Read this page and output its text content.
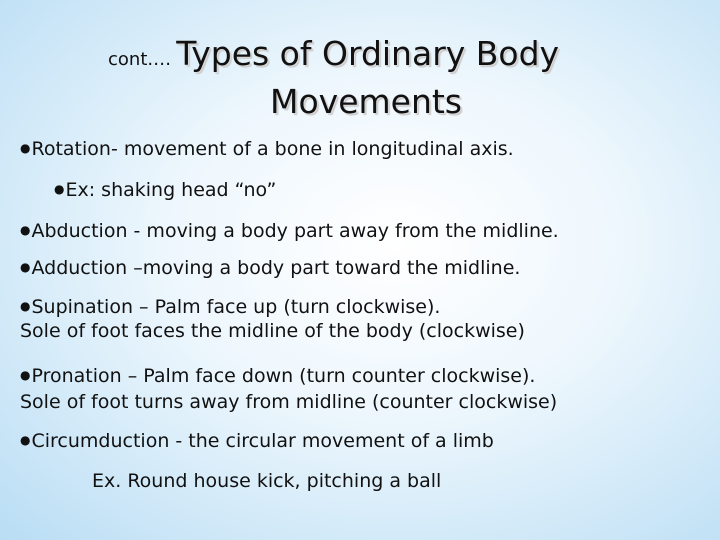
cont.… Types of Ordinary Body
Movements
●Rotation- movement of a bone in longitudinal axis.
●Ex: shaking head “no”
●Abduction - moving a body part away from the midline.
●Adduction –moving a body part toward the midline.
●Supination – Palm face up (turn clockwise).
Sole of foot faces the midline of the body (clockwise)
●Pronation – Palm face down (turn counter clockwise).
Sole of foot turns away from midline (counter clockwise)
●Circumduction - the circular movement of a limb
Ex. Round house kick, pitching a ball
